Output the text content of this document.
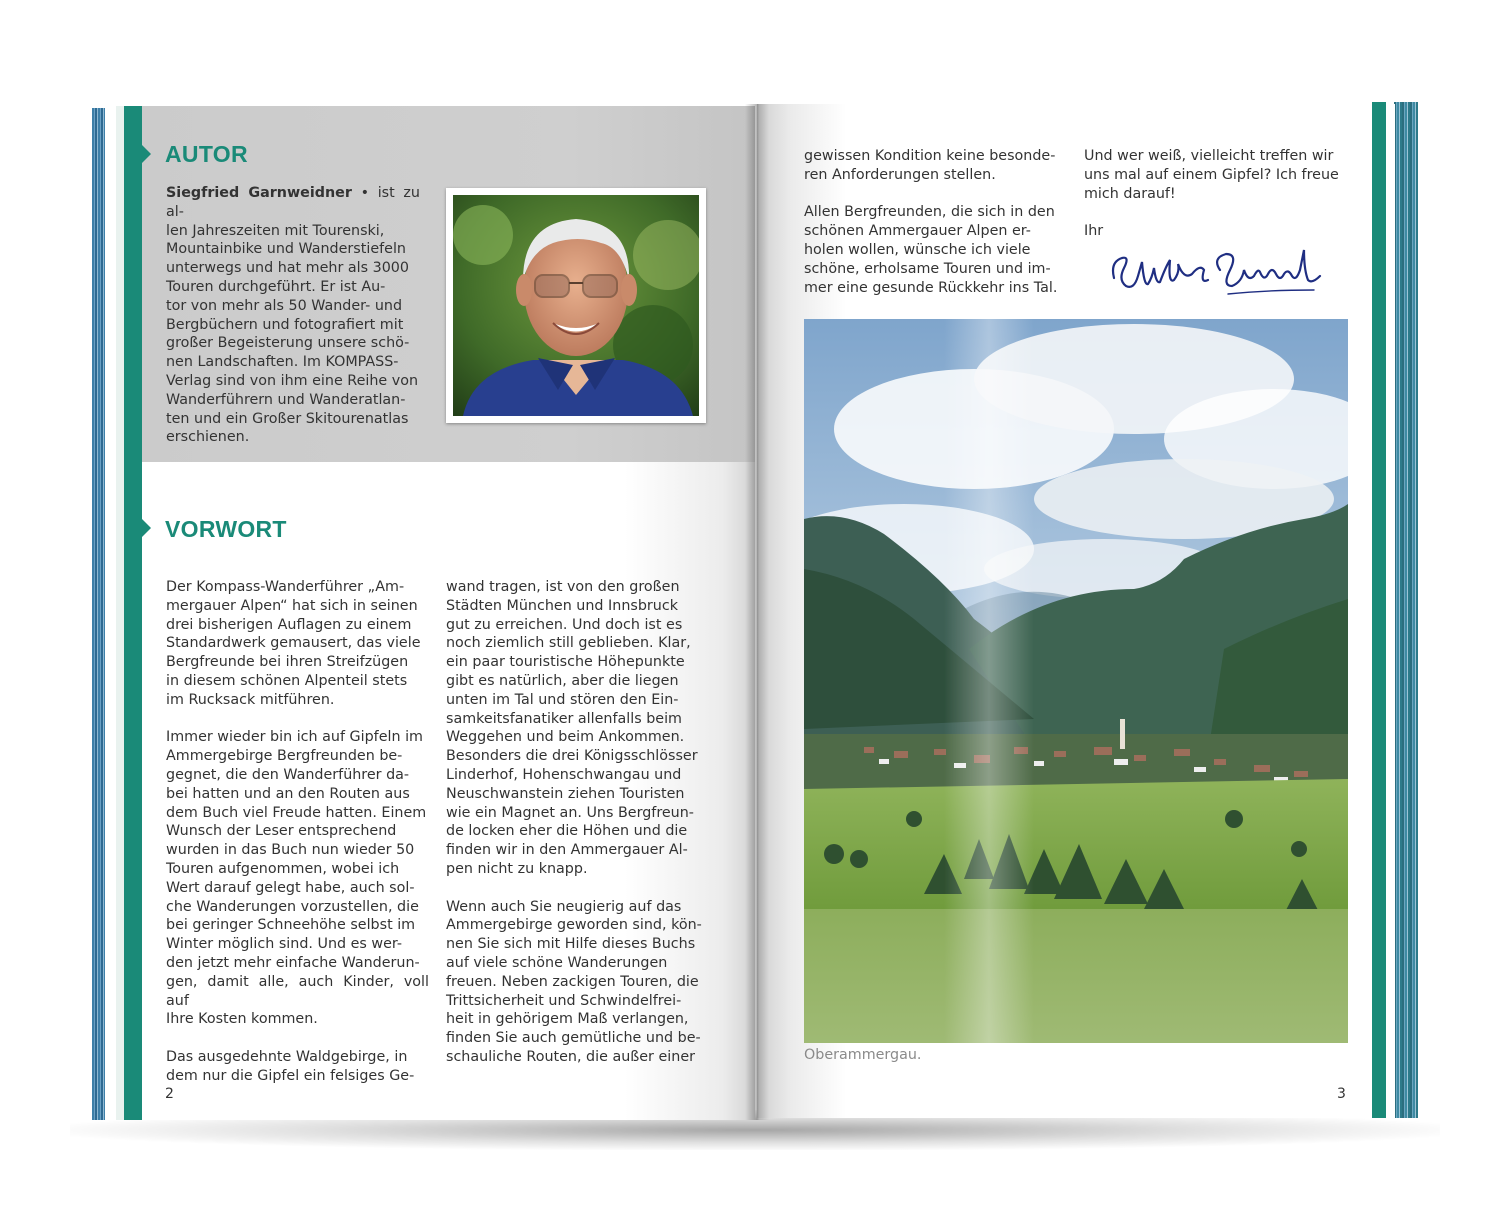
AUTOR

Siegfried Garnweidner • ist zu al-

len Jahreszeiten mit Tourenski,

Mountainbike und Wanderstiefeln

unterwegs und hat mehr als 3000

Touren durchgeführt. Er ist Au-

tor von mehr als 50 Wander- und

Bergbüchern und fotografiert mit

großer Begeisterung unsere schö-

nen Landschaften. Im KOMPASS-

Verlag sind von ihm eine Reihe von

Wanderführern und Wanderatlan-

ten und ein Großer Skitourenatlas

erschienen.

VORWORT

Der Kompass-Wanderführer „Am-

mergauer Alpen“ hat sich in seinen

drei bisherigen Auflagen zu einem

Standardwerk gemausert, das viele

Bergfreunde bei ihren Streifzügen

in diesem schönen Alpenteil stets

im Rucksack mitführen.

Immer wieder bin ich auf Gipfeln im

Ammergebirge Bergfreunden be-

gegnet, die den Wanderführer da-

bei hatten und an den Routen aus

dem Buch viel Freude hatten. Einem

Wunsch der Leser entsprechend

wurden in das Buch nun wieder 50

Touren aufgenommen, wobei ich

Wert darauf gelegt habe, auch sol-

che Wanderungen vorzustellen, die

bei geringer Schneehöhe selbst im

Winter möglich sind. Und es wer-

den jetzt mehr einfache Wanderun-

gen, damit alle, auch Kinder, voll auf

Ihre Kosten kommen.

Das ausgedehnte Waldgebirge, in

dem nur die Gipfel ein felsiges Ge-

wand tragen, ist von den großen

Städten München und Innsbruck

gut zu erreichen. Und doch ist es

noch ziemlich still geblieben. Klar,

ein paar touristische Höhepunkte

gibt es natürlich, aber die liegen

unten im Tal und stören den Ein-

samkeitsfanatiker allenfalls beim

Weggehen und beim Ankommen.

Besonders die drei Königsschlösser

Linderhof, Hohenschwangau und

Neuschwanstein ziehen Touristen

wie ein Magnet an. Uns Bergfreun-

de locken eher die Höhen und die

finden wir in den Ammergauer Al-

pen nicht zu knapp.

Wenn auch Sie neugierig auf das

Ammergebirge geworden sind, kön-

nen Sie sich mit Hilfe dieses Buchs

auf viele schöne Wanderungen

freuen. Neben zackigen Touren, die

Trittsicherheit und Schwindelfrei-

heit in gehörigem Maß verlangen,

finden Sie auch gemütliche und be-

schauliche Routen, die außer einer

2

gewissen Kondition keine besonde-

ren Anforderungen stellen.

Allen Bergfreunden, die sich in den

schönen Ammergauer Alpen er-

holen wollen, wünsche ich viele

schöne, erholsame Touren und im-

mer eine gesunde Rückkehr ins Tal.

Und wer weiß, vielleicht treffen wir

uns mal auf einem Gipfel? Ich freue

mich darauf!

Ihr

Oberammergau.
3
